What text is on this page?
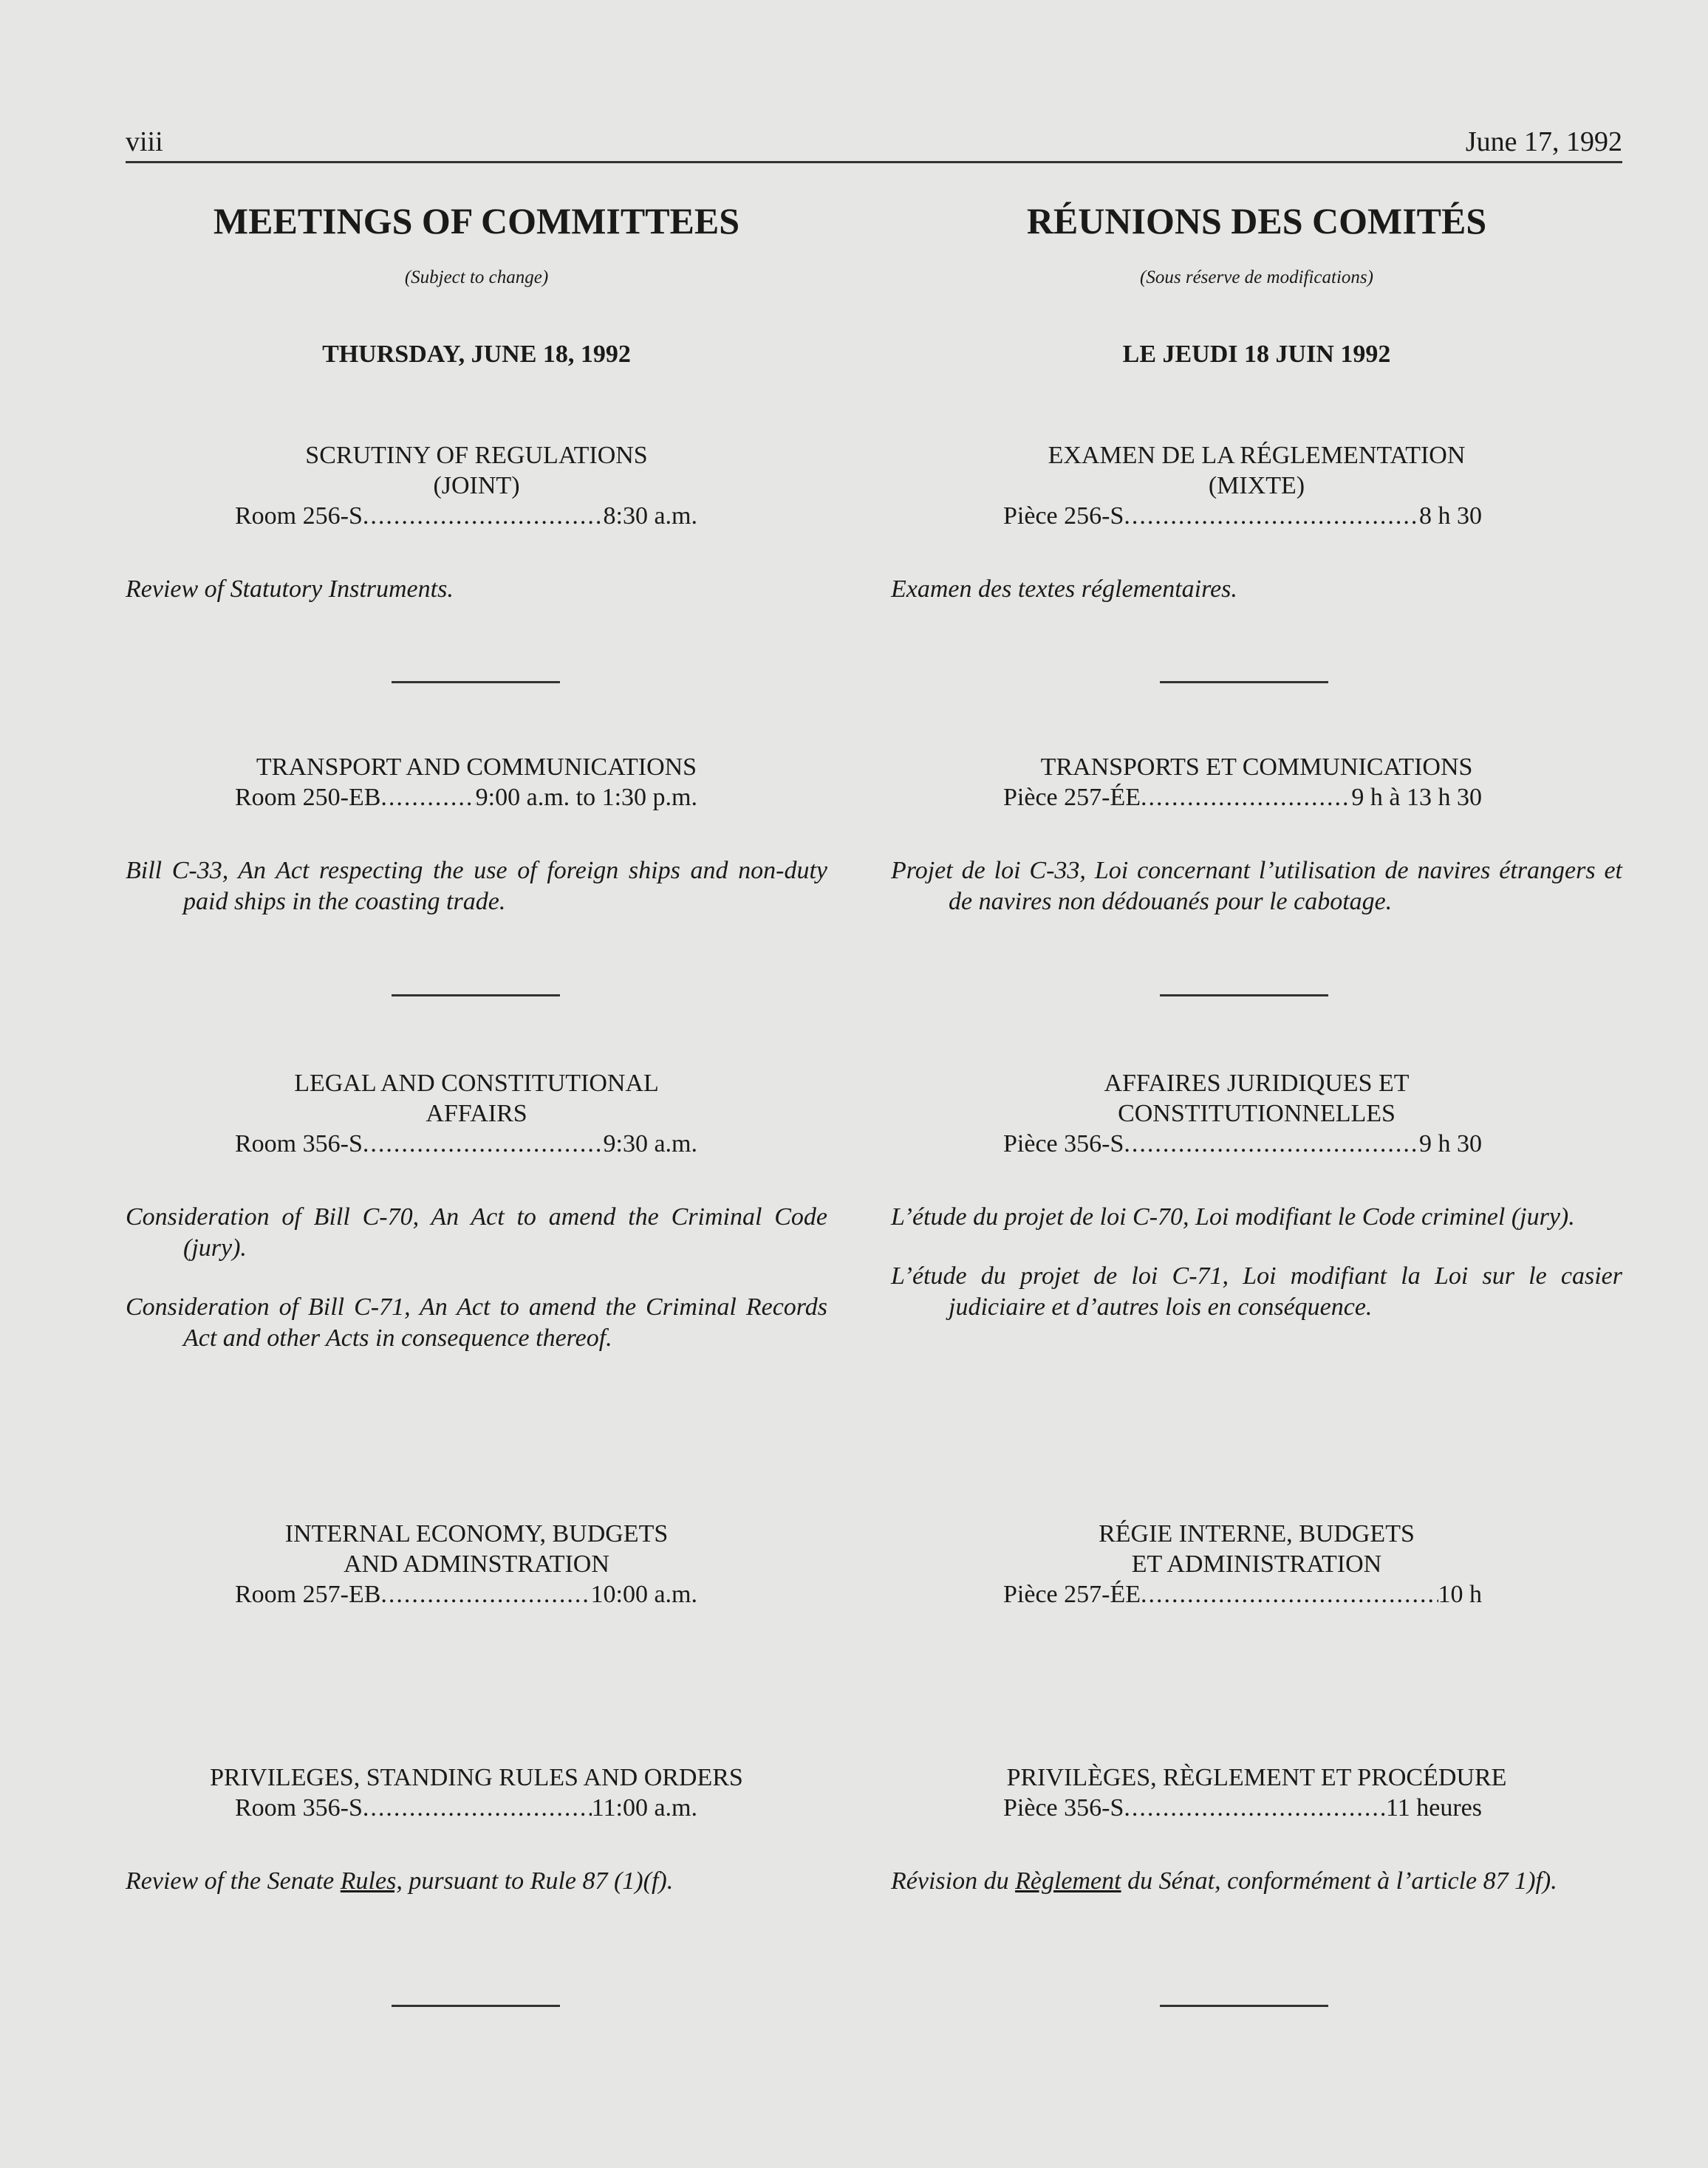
viii	June 17, 1992
MEETINGS OF COMMITTEES
(Subject to change)
THURSDAY, JUNE 18, 1992
SCRUTINY OF REGULATIONS
(JOINT)
Room 256-S .....	8:30 a.m.
Review of Statutory Instruments.
TRANSPORT AND COMMUNICATIONS
Room 250-EB .....	9:00 a.m. to 1:30 p.m.
Bill C-33, An Act respecting the use of foreign ships and non-duty paid ships in the coasting trade.
LEGAL AND CONSTITUTIONAL
AFFAIRS
Room 356-S .....	9:30 a.m.
Consideration of Bill C-70, An Act to amend the Criminal Code (jury).
Consideration of Bill C-71, An Act to amend the Criminal Records Act and other Acts in consequence thereof.
INTERNAL ECONOMY, BUDGETS
AND ADMINSTRATION
Room 257-EB .....	10:00 a.m.
PRIVILEGES, STANDING RULES AND ORDERS
Room 356-S .....	11:00 a.m.
Review of the Senate Rules, pursuant to Rule 87 (1)(f).
RÉUNIONS DES COMITÉS
(Sous réserve de modifications)
LE JEUDI 18 JUIN 1992
EXAMEN DE LA RÉGLEMENTATION
(MIXTE)
Pièce 256-S .....	8 h 30
Examen des textes réglementaires.
TRANSPORTS ET COMMUNICATIONS
Pièce 257-ÉE .....	9 h à 13 h 30
Projet de loi C-33, Loi concernant l’utilisation de navires étrangers et de navires non dédouanés pour le cabotage.
AFFAIRES JURIDIQUES ET
CONSTITUTIONNELLES
Pièce 356-S .....	9 h 30
L’étude du projet de loi C-70, Loi modifiant le Code criminel (jury).
L’étude du projet de loi C-71, Loi modifiant la Loi sur le casier judiciaire et d’autres lois en conséquence.
RÉGIE INTERNE, BUDGETS
ET ADMINISTRATION
Pièce 257-ÉE .....	10 h
PRIVILÈGES, RÈGLEMENT ET PROCÉDURE
Pièce 356-S .....	11 heures
Révision du Règlement du Sénat, conformément à l’article 87 1)f).
